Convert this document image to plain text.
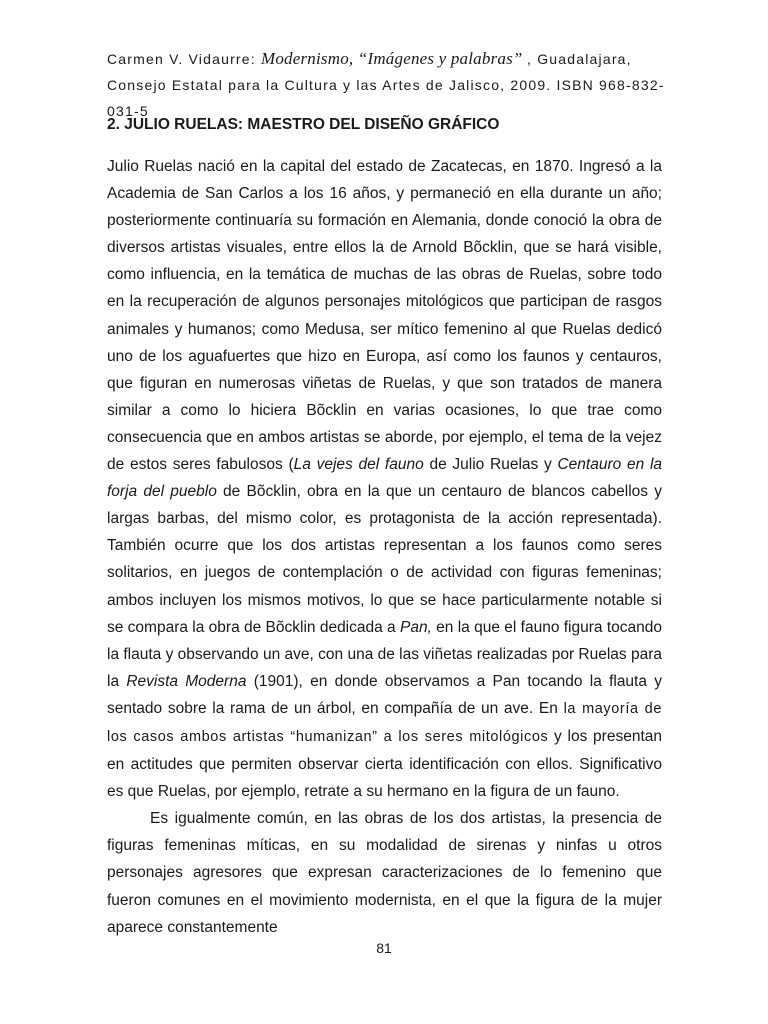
Carmen V. Vidaurre: Modernismo, “Imágenes y palabras” , Guadalajara, Consejo Estatal para la Cultura y las Artes de Jalisco, 2009. ISBN 968-832-031-5
2. JULIO RUELAS: MAESTRO DEL DISEÑO GRÁFICO

Julio Ruelas nació en la capital del estado de Zacatecas, en 1870. Ingresó a la Academia de San Carlos a los 16 años, y permaneció en ella durante un año; posteriormente continuaría su formación en Alemania, donde conoció la obra de diversos artistas visuales, entre ellos la de Arnold Bõcklin, que se hará visible, como influencia, en la temática de muchas de las obras de Ruelas, sobre todo en la recuperación de algunos personajes mitológicos que participan de rasgos animales y humanos; como Medusa, ser mítico femenino al que Ruelas dedicó uno de los aguafuertes que hizo en Europa, así como los faunos y centauros, que figuran en numerosas viñetas de Ruelas, y que son tratados de manera similar a como lo hiciera Bõcklin en varias ocasiones, lo que trae como consecuencia que en ambos artistas se aborde, por ejemplo, el tema de la vejez de estos seres fabulosos (La vejes del fauno de Julio Ruelas y Centauro en la forja del pueblo de Bõcklin, obra en la que un centauro de blancos cabellos y largas barbas, del mismo color, es protagonista de la acción representada). También ocurre que los dos artistas representan a los faunos como seres solitarios, en juegos de contemplación o de actividad con figuras femeninas; ambos incluyen los mismos motivos, lo que se hace particularmente notable si se compara la obra de Bõcklin dedicada a Pan, en la que el fauno figura tocando la flauta y observando un ave, con una de las viñetas realizadas por Ruelas para la Revista Moderna (1901), en donde observamos a Pan tocando la flauta y sentado sobre la rama de un árbol, en compañía de un ave. En la mayoría de los casos ambos artistas “humanizan” a los seres mitológicos y los presentan en actitudes que permiten observar cierta identificación con ellos. Significativo es que Ruelas, por ejemplo, retrate a su hermano en la figura de un fauno.

Es igualmente común, en las obras de los dos artistas, la presencia de figuras femeninas míticas, en su modalidad de sirenas y ninfas u otros personajes agresores que expresan caracterizaciones de lo femenino que fueron comunes en el movimiento modernista, en el que la figura de la mujer aparece constantemente

81
